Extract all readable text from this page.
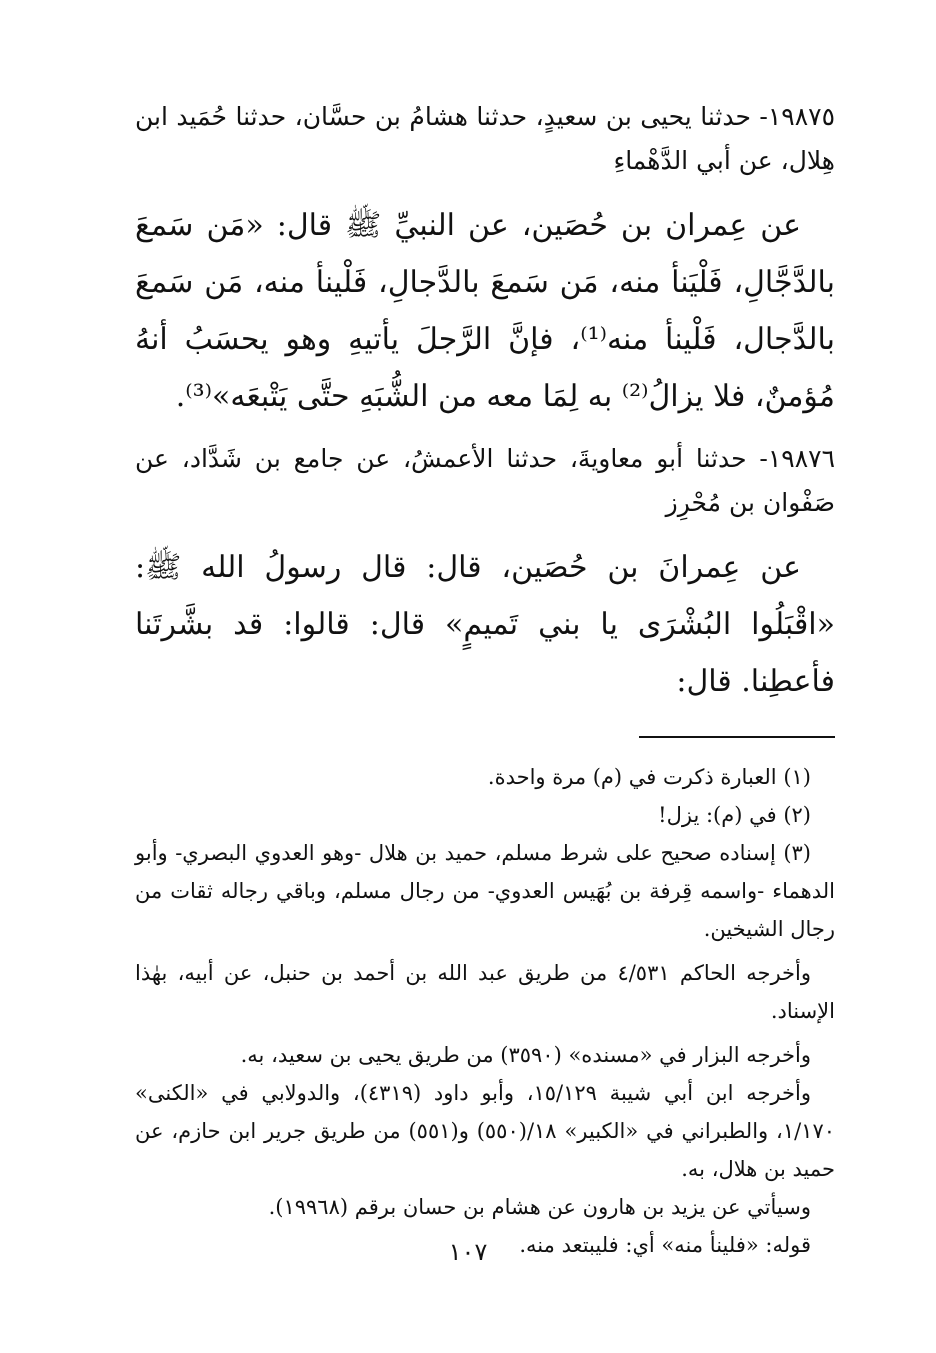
١٩٨٧٥- حدثنا يحيى بن سعيدٍ، حدثنا هشامُ بن حسَّان، حدثنا حُمَيد ابن هِلال، عن أبي الدَّهْماءِ

عن عِمران بن حُصَين، عن النبيِّ ﷺ قال: «مَن سَمعَ بالدَّجَّالِ، فَلْيَنأ منه، مَن سَمعَ بالدَّجالِ، فَلْينأ منه، مَن سَمعَ بالدَّجال، فَلْينأ منه⁽¹⁾، فإنَّ الرَّجلَ يأتيهِ وهو يحسَبُ أنهُ مُؤمنٌ، فلا يزالُ⁽²⁾ به لِمَا معه من الشُّبَهِ حتَّى يَتْبعَه»⁽³⁾.

١٩٨٧٦- حدثنا أبو معاويةَ، حدثنا الأعمشُ، عن جامع بن شَدَّاد، عن صَفْوان بن مُحْرِز

عن عِمرانَ بن حُصَين، قال: قال رسولُ الله ﷺ: «اقْبَلُوا البُشْرَى يا بني تَميمٍ» قال: قالوا: قد بشَّرتَنا فأعطِنا. قال:

(١) العبارة ذكرت في (م) مرة واحدة.

(٢) في (م): يزل!

(٣) إسناده صحيح على شرط مسلم، حميد بن هلال -وهو العدوي البصري- وأبو الدهماء -واسمه قِرفة بن بُهَيس العدوي- من رجال مسلم، وباقي رجاله ثقات من رجال الشيخين.

وأخرجه الحاكم ٤/٥٣١ من طريق عبد الله بن أحمد بن حنبل، عن أبيه، بهٰذا الإسناد.

وأخرجه البزار في «مسنده» (٣٥٩٠) من طريق يحيى بن سعيد، به.

وأخرجه ابن أبي شيبة ١٥/١٢٩، وأبو داود (٤٣١٩)، والدولابي في «الكنى» ١/١٧٠، والطبراني في «الكبير» ١٨/(٥٥٠) و(٥٥١) من طريق جرير ابن حازم، عن حميد بن هلال، به.

وسيأتي عن يزيد بن هارون عن هشام بن حسان برقم (١٩٩٦٨).

قوله: «فلينأ منه» أي: فليبتعد منه.

١٠٧
